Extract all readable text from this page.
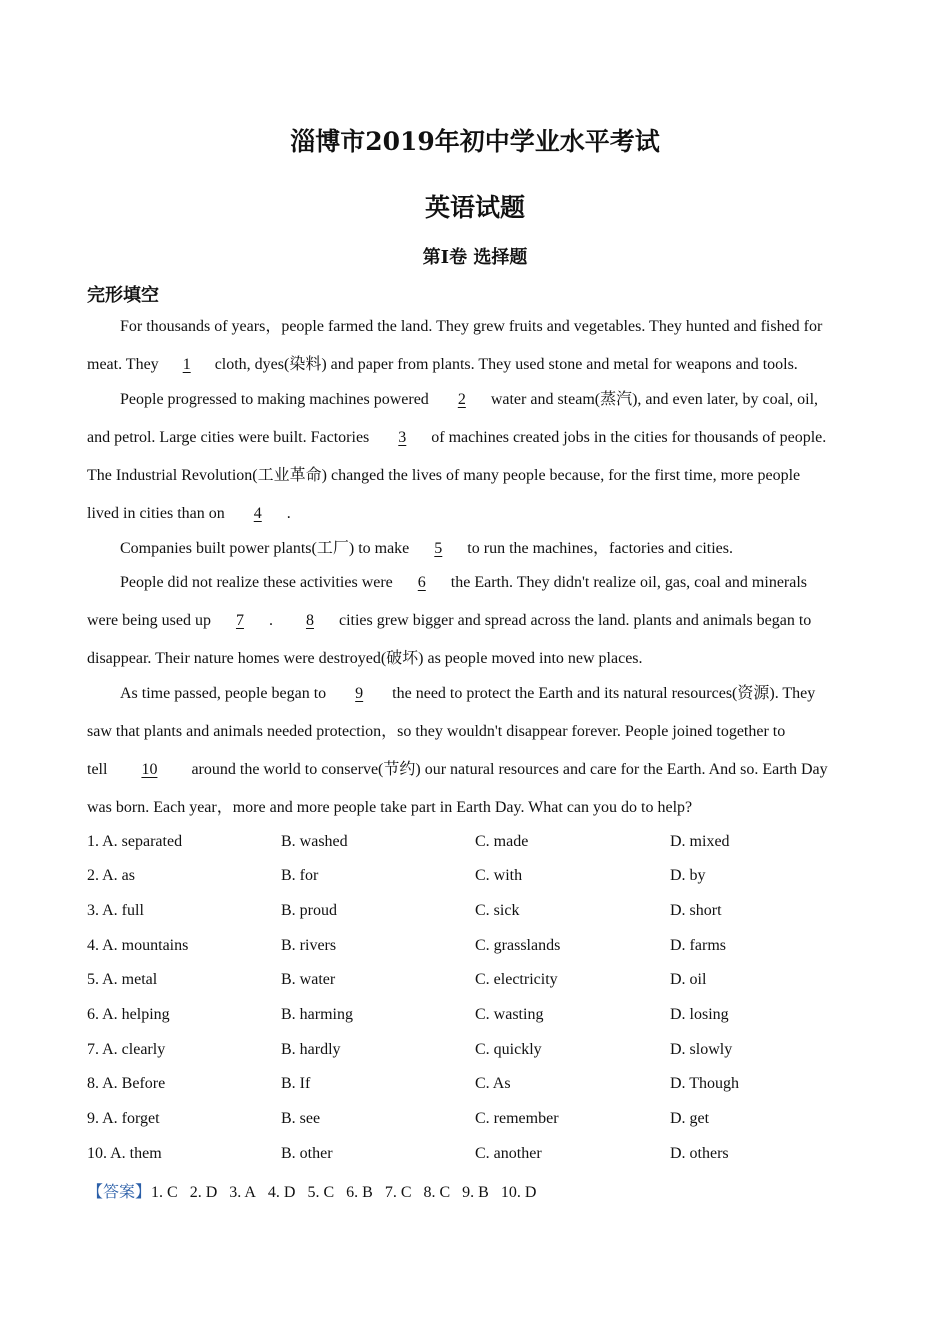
淄博市2019年初中学业水平考试
英语试题
第Ⅰ卷 选择题
完形填空
For thousands of years，people farmed the land. They grew fruits and vegetables. They hunted and fished for
meat. They 1 cloth, dyes(染料) and paper from plants. They used stone and metal for weapons and tools.
People progressed to making machines powered 2 water and steam(蒸汽), and even later, by coal, oil,
and petrol. Large cities were built. Factories 3 of machines created jobs in the cities for thousands of people.
The Industrial Revolution(工业革命) changed the lives of many people because, for the first time, more people
lived in cities than on 4 .
Companies built power plants(工厂) to make 5 to run the machines，factories and cities.
People did not realize these activities were 6 the Earth. They didn't realize oil, gas, coal and minerals
were being used up 7 .  8 cities grew bigger and spread across the land. plants and animals began to
disappear. Their nature homes were destroyed(破坏) as people moved into new places.
As time passed, people began to 9 the need to protect the Earth and its natural resources(资源). They
saw that plants and animals needed protection，so they wouldn't disappear forever. People joined together to
tell 10 around the world to conserve(节约) our natural resources and care for the Earth. And so. Earth Day
was born. Each year，more and more people take part in Earth Day. What can you do to help?
1. A. separated	B. washed	C. made	D. mixed
2. A. as	B. for	C. with	D. by
3. A. full	B. proud	C. sick	D. short
4. A. mountains	B. rivers	C. grasslands	D. farms
5. A. metal	B. water	C. electricity	D. oil
6. A. helping	B. harming	C. wasting	D. losing
7. A. clearly	B. hardly	C. quickly	D. slowly
8. A. Before	B. If	C. As	D. Though
9. A. forget	B. see	C. remember	D. get
10. A. them	B. other	C. another	D. others
【答案】1. C 2. D 3. A 4. D 5. C 6. B 7. C 8. C 9. B 10. D
